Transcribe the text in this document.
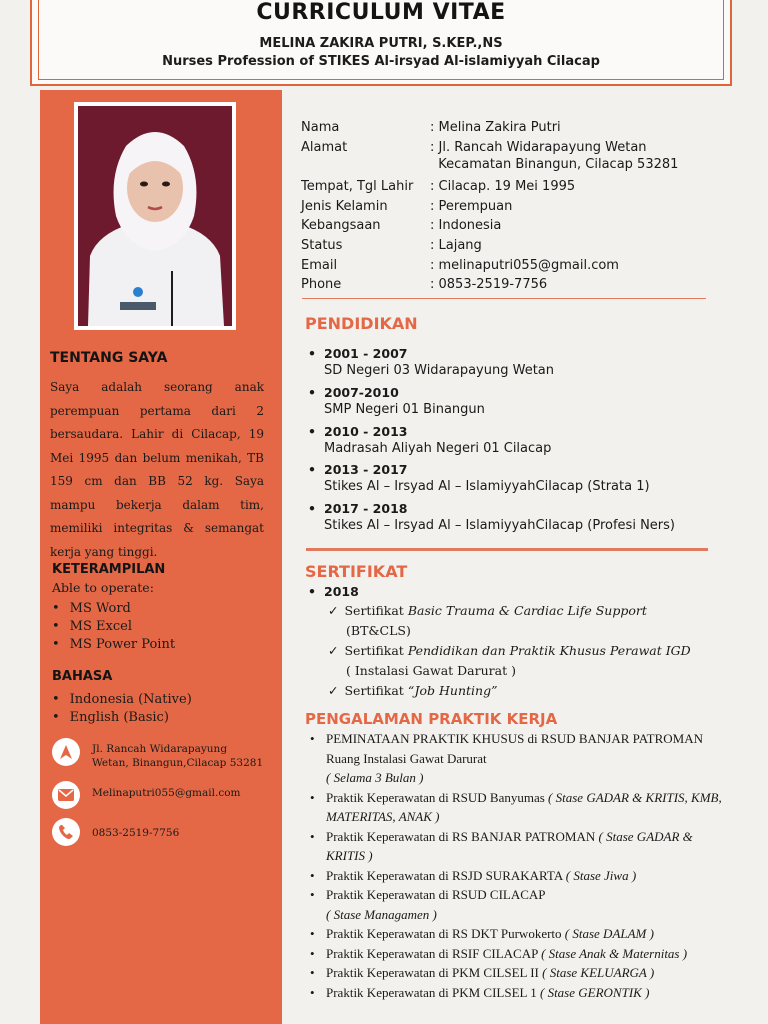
CURRICULUM VITAE
MELINA ZAKIRA PUTRI, S.KEP.,NS
Nurses Profession of STIKES Al-irsyad Al-islamiyyah Cilacap
TENTANG SAYA
Saya adalah seorang anak perempuan pertama dari 2 bersaudara. Lahir di Cilacap, 19 Mei 1995 dan belum menikah, TB 159 cm dan BB 52 kg. Saya mampu bekerja dalam tim, memiliki integritas & semangat kerja yang tinggi.
KETERAMPILAN
Able to operate:
• MS Word
• MS Excel
• MS Power Point
BAHASA
• Indonesia (Native)
• English (Basic)
Jl. Rancah Widarapayung
Wetan, Binangun,Cilacap 53281
Melinaputri055@gmail.com
0853-2519-7756
Nama	: Melina Zakira Putri
Alamat	: Jl. Rancah Widarapayung Wetan
Kecamatan Binangun, Cilacap 53281
Tempat, Tgl Lahir : Cilacap. 19 Mei 1995
Jenis Kelamin	: Perempuan
Kebangsaan	: Indonesia
Status	: Lajang
Email	: melinaputri055@gmail.com
Phone	: 0853-2519-7756
PENDIDIKAN
• 2001 - 2007
SD Negeri 03 Widarapayung Wetan
• 2007-2010
SMP Negeri 01 Binangun
• 2010 - 2013
Madrasah Aliyah Negeri 01 Cilacap
• 2013 - 2017
Stikes Al – Irsyad Al – IslamiyyahCilacap (Strata 1)
• 2017 - 2018
Stikes Al – Irsyad Al – IslamiyyahCilacap (Profesi Ners)
SERTIFIKAT
• 2018
✓ Sertifikat Basic Trauma & Cardiac Life Support
(BT&CLS)
✓ Sertifikat Pendidikan dan Praktik Khusus Perawat IGD
( Instalasi Gawat Darurat )
✓ Sertifikat “Job Hunting”
PENGALAMAN PRAKTIK KERJA
• PEMINATAAN PRAKTIK KHUSUS di RSUD BANJAR PATROMAN Ruang Instalasi Gawat Darurat
( Selama 3 Bulan )
• Praktik Keperawatan di RSUD Banyumas ( Stase GADAR & KRITIS, KMB, MATERITAS, ANAK )
• Praktik Keperawatan di RS BANJAR PATROMAN ( Stase GADAR & KRITIS )
• Praktik Keperawatan di RSJD SURAKARTA ( Stase Jiwa )
• Praktik Keperawatan di RSUD CILACAP
( Stase Managamen )
• Praktik Keperawatan di RS DKT Purwokerto ( Stase DALAM )
• Praktik Keperawatan di RSIF CILACAP ( Stase Anak & Maternitas )
• Praktik Keperawatan di PKM CILSEL II ( Stase KELUARGA )
• Praktik Keperawatan di PKM CILSEL 1 ( Stase GERONTIK )
